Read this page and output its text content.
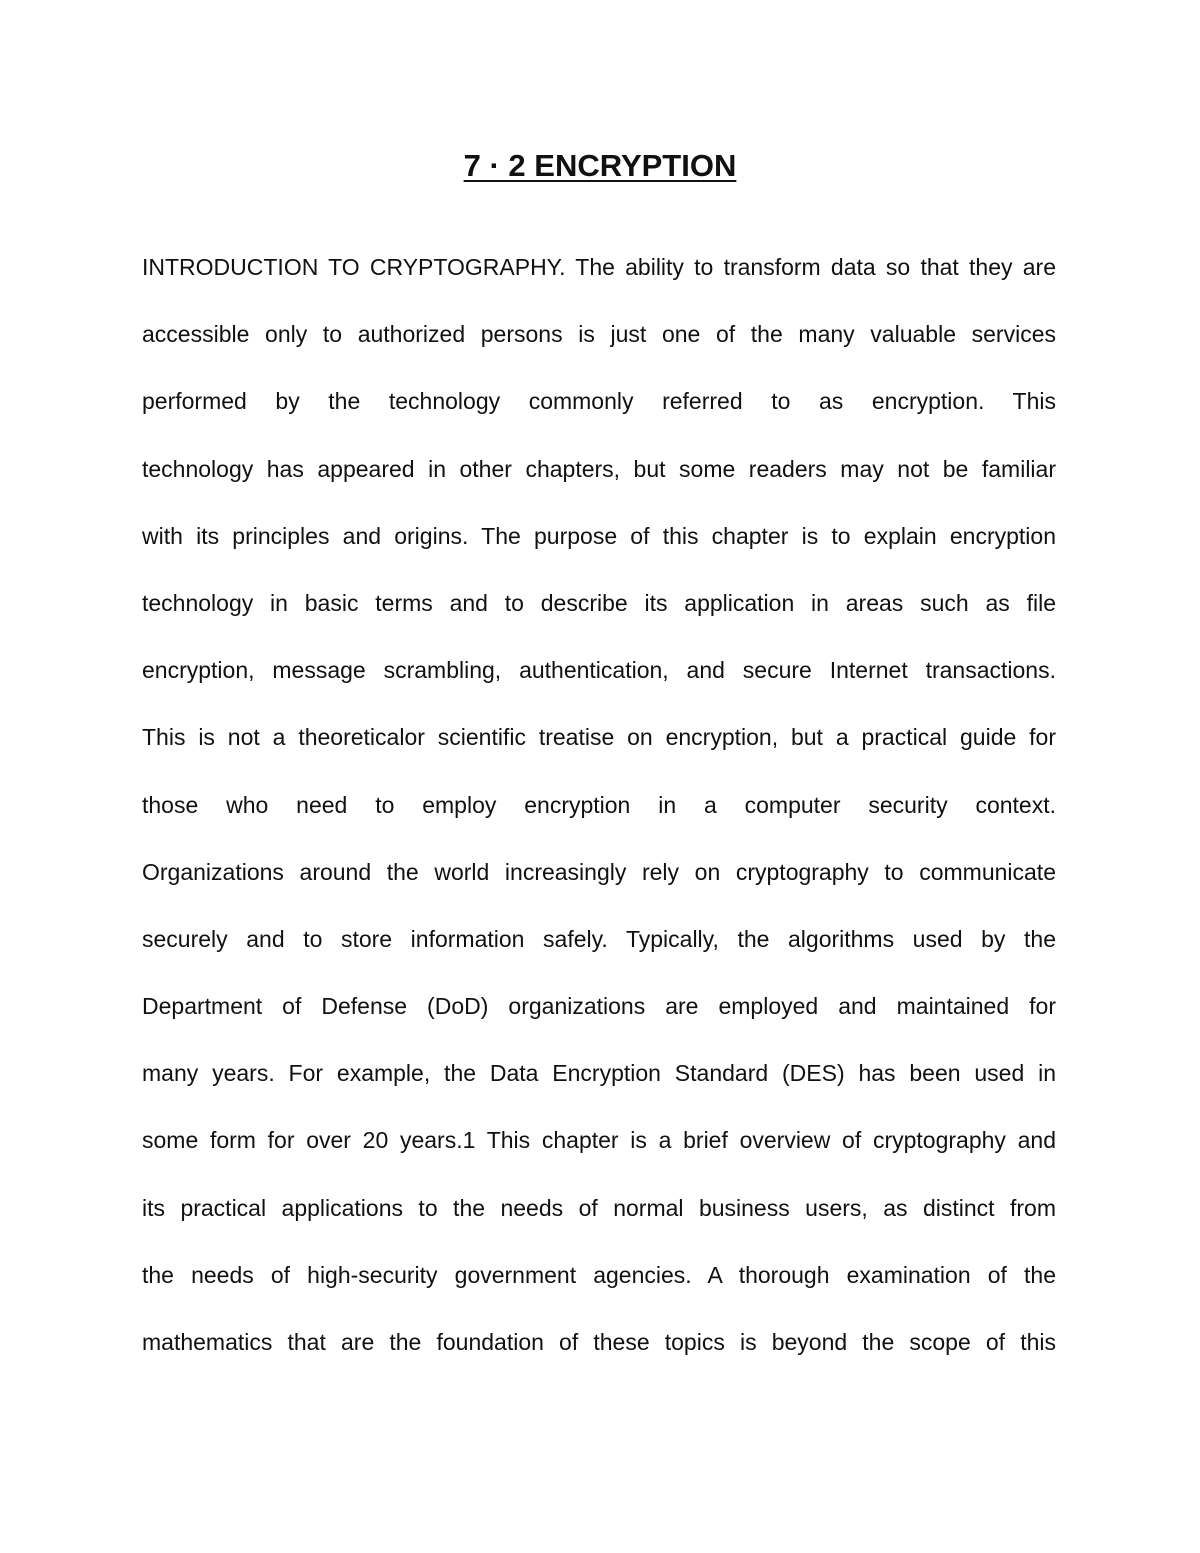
7 · 2 ENCRYPTION
INTRODUCTION TO CRYPTOGRAPHY. The ability to transform data so that they are
accessible only to authorized persons is just one of the many valuable services
performed by the technology commonly referred to as encryption. This
technology has appeared in other chapters, but some readers may not be familiar
with its principles and origins. The purpose of this chapter is to explain encryption
technology in basic terms and to describe its application in areas such as file
encryption, message scrambling, authentication, and secure Internet transactions.
This is not a theoreticalor scientific treatise on encryption, but a practical guide for
those who need to employ encryption in a computer security context.
Organizations around the world increasingly rely on cryptography to communicate
securely and to store information safely. Typically, the algorithms used by the
Department of Defense (DoD) organizations are employed and maintained for
many years. For example, the Data Encryption Standard (DES) has been used in
some form for over 20 years.1 This chapter is a brief overview of cryptography and
its practical applications to the needs of normal business users, as distinct from
the needs of high-security government agencies. A thorough examination of the
mathematics that are the foundation of these topics is beyond the scope of this
